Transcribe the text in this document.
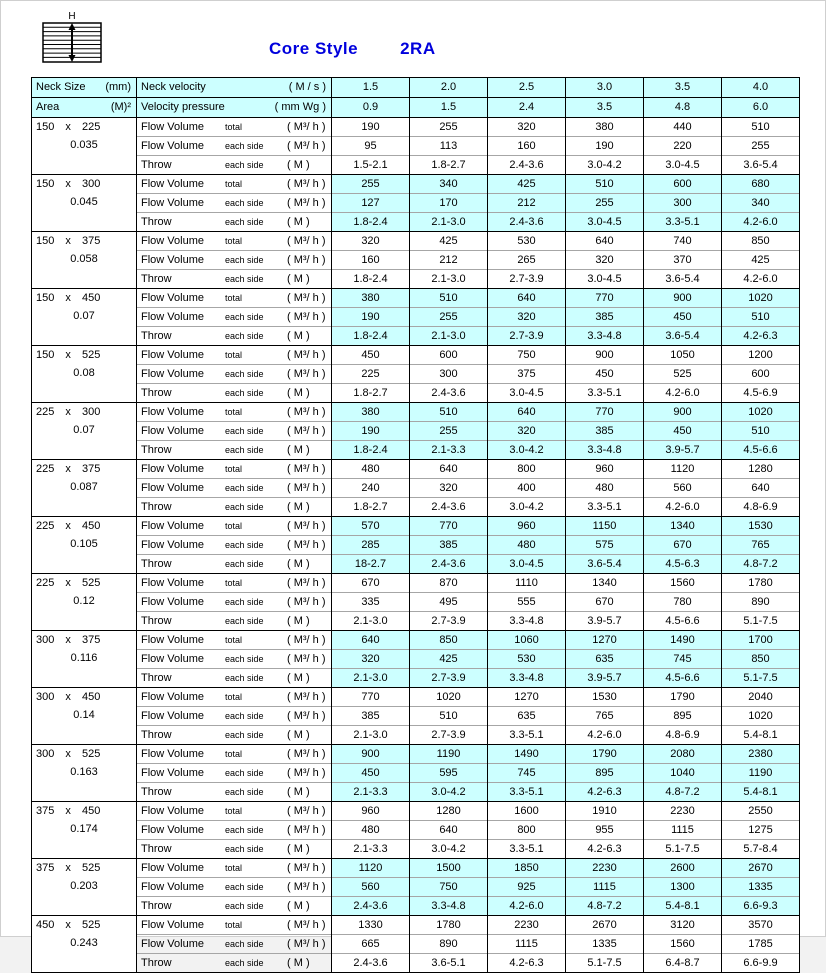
H
Core Style 2RA
Neck Size (mm)	Neck velocity ( M / s )	1.5	2.0	2.5	3.0	3.5	4.0

Area (M)²	Velocity pressure ( mm Wg )	0.9	1.5	2.4	3.5	4.8	6.0

150 x 225
0.035

Flow Volume	total	( M³/ h )	190	255	320	380	440	510

	Flow Volume each side ( M³/ h )	95	113	160	190	220	255

	Throw each side ( M )	1.5-2.1	1.8-2.7	2.4-3.6	3.0-4.2	3.0-4.5	3.6-5.4

150 x 300
0.045

Flow Volume	total	( M³/ h )	255	340	425	510	600	680

	Flow Volume each side ( M³/ h )	127	170	212	255	300	340

	Throw each side ( M )	1.8-2.4	2.1-3.0	2.4-3.6	3.0-4.5	3.3-5.1	4.2-6.0

150 x 375
0.058

Flow Volume	total	( M³/ h )	320	425	530	640	740	850

	Flow Volume each side ( M³/ h )	160	212	265	320	370	425

	Throw each side ( M )	1.8-2.4	2.1-3.0	2.7-3.9	3.0-4.5	3.6-5.4	4.2-6.0

150 x 450
0.07

Flow Volume	total	( M³/ h )	380	510	640	770	900	1020

	Flow Volume each side ( M³/ h )	190	255	320	385	450	510

	Throw each side ( M )	1.8-2.4	2.1-3.0	2.7-3.9	3.3-4.8	3.6-5.4	4.2-6.3

150 x 525
0.08

Flow Volume	total	( M³/ h )	450	600	750	900	1050	1200

	Flow Volume each side ( M³/ h )	225	300	375	450	525	600

	Throw each side ( M )	1.8-2.7	2.4-3.6	3.0-4.5	3.3-5.1	4.2-6.0	4.5-6.9

225 x 300
0.07

Flow Volume	total	( M³/ h )	380	510	640	770	900	1020

	Flow Volume each side ( M³/ h )	190	255	320	385	450	510

	Throw each side ( M )	1.8-2.4	2.1-3.3	3.0-4.2	3.3-4.8	3.9-5.7	4.5-6.6

225 x 375
0.087

Flow Volume	total	( M³/ h )	480	640	800	960	1120	1280

	Flow Volume each side ( M³/ h )	240	320	400	480	560	640

	Throw each side ( M )	1.8-2.7	2.4-3.6	3.0-4.2	3.3-5.1	4.2-6.0	4.8-6.9

225 x 450
0.105

Flow Volume	total	( M³/ h )	570	770	960	1150	1340	1530

	Flow Volume each side ( M³/ h )	285	385	480	575	670	765

	Throw each side ( M )	18-2.7	2.4-3.6	3.0-4.5	3.6-5.4	4.5-6.3	4.8-7.2

225 x 525
0.12

Flow Volume	total	( M³/ h )	670	870	1110	1340	1560	1780

	Flow Volume each side ( M³/ h )	335	495	555	670	780	890

	Throw each side ( M )	2.1-3.0	2.7-3.9	3.3-4.8	3.9-5.7	4.5-6.6	5.1-7.5

300 x 375
0.116

Flow Volume	total	( M³/ h )	640	850	1060	1270	1490	1700

	Flow Volume each side ( M³/ h )	320	425	530	635	745	850

	Throw each side ( M )	2.1-3.0	2.7-3.9	3.3-4.8	3.9-5.7	4.5-6.6	5.1-7.5

300 x 450
0.14

Flow Volume	total	( M³/ h )	770	1020	1270	1530	1790	2040

	Flow Volume each side ( M³/ h )	385	510	635	765	895	1020

	Throw each side ( M )	2.1-3.0	2.7-3.9	3.3-5.1	4.2-6.0	4.8-6.9	5.4-8.1

300 x 525
0.163

Flow Volume	total	( M³/ h )	900	1190	1490	1790	2080	2380

	Flow Volume each side ( M³/ h )	450	595	745	895	1040	1190

	Throw each side ( M )	2.1-3.3	3.0-4.2	3.3-5.1	4.2-6.3	4.8-7.2	5.4-8.1

375 x 450
0.174

Flow Volume	total	( M³/ h )	960	1280	1600	1910	2230	2550

	Flow Volume each side ( M³/ h )	480	640	800	955	1115	1275

	Throw each side ( M )	2.1-3.3	3.0-4.2	3.3-5.1	4.2-6.3	5.1-7.5	5.7-8.4

375 x 525
0.203

Flow Volume	total	( M³/ h )	1120	1500	1850	2230	2600	2670

	Flow Volume each side ( M³/ h )	560	750	925	1115	1300	1335

	Throw each side ( M )	2.4-3.6	3.3-4.8	4.2-6.0	4.8-7.2	5.4-8.1	6.6-9.3

450 x 525
0.243

Flow Volume	total	( M³/ h )	1330	1780	2230	2670	3120	3570

	Flow Volume each side ( M³/ h )	665	890	1115	1335	1560	1785

	Throw each side ( M )	2.4-3.6	3.6-5.1	4.2-6.3	5.1-7.5	6.4-8.7	6.6-9.9
